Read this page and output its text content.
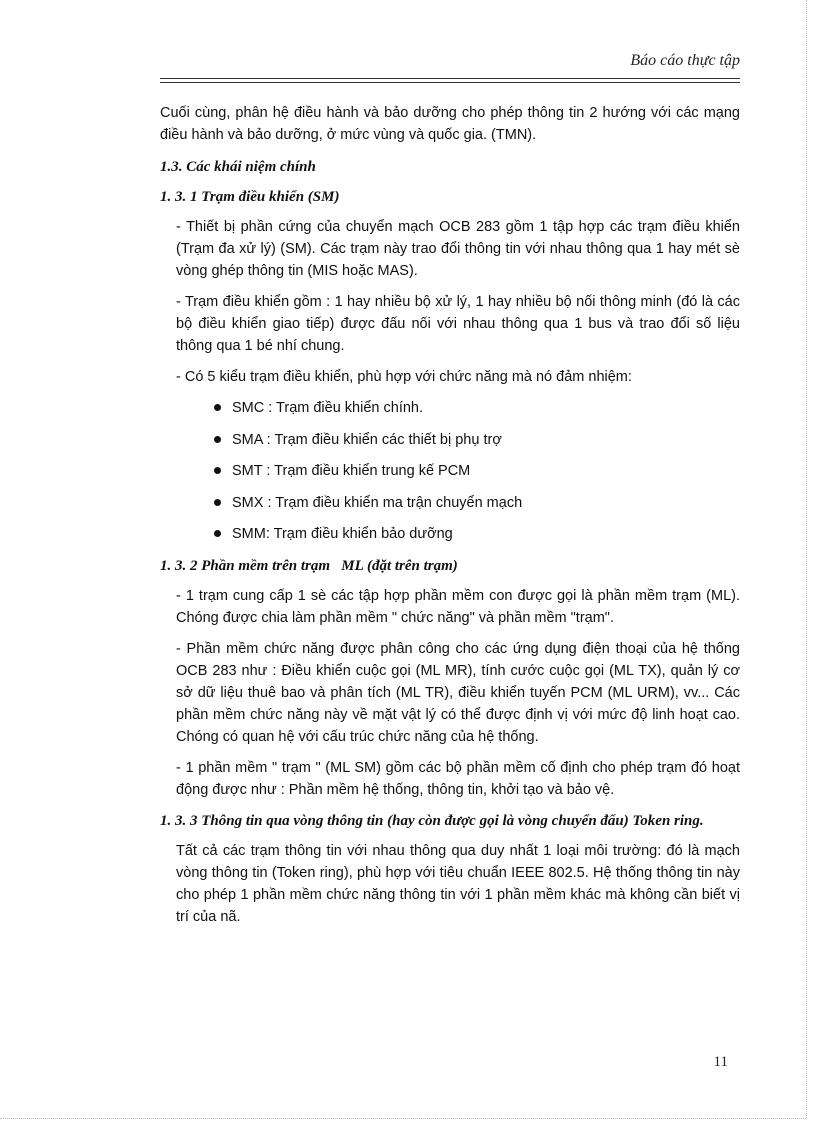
Báo cáo thực tập

Cuối cùng, phân hệ điều hành và bảo dưỡng cho phép thông tin 2 hướng với các mạng điều hành và bảo dưỡng, ở mức vùng và quốc gia. (TMN).

1.3. Các khái niệm chính
1. 3. 1 Trạm điều khiển (SM)

- Thiết bị phần cứng của chuyển mạch OCB 283 gồm 1 tập hợp các trạm điều khiển (Trạm đa xử lý) (SM). Các trạm này trao đổi thông tin với nhau thông qua 1 hay mét sè vòng ghép thông tin (MIS hoặc MAS).

- Trạm điều khiển gồm : 1 hay nhiều bộ xử lý, 1 hay nhiều bộ nối thông minh (đó là các bộ điều khiển giao tiếp) được đấu nối với nhau thông qua 1 bus và trao đổi số liệu thông qua 1 bé nhí chung.

- Có 5 kiểu trạm điều khiển, phù hợp với chức năng mà nó đảm nhiệm:

SMC : Trạm điều khiển chính.
SMA : Trạm điều khiển các thiết bị phụ trợ
SMT : Trạm điều khiển trung kế PCM
SMX : Trạm điều khiển ma trận chuyển mạch
SMM: Trạm điều khiển bảo dưỡng
1. 3. 2 Phần mềm trên trạm   ML (đặt trên trạm)

- 1 trạm cung cấp 1 sè các tập hợp phần mềm con được gọi là phần mềm trạm (ML). Chóng được chia làm phần mềm " chức năng" và phần mềm "trạm".

- Phần mềm chức năng được phân công cho các ứng dụng điện thoại của hệ thống OCB 283 như : Điều khiển cuộc gọi (ML MR), tính cước cuộc gọi (ML TX), quản lý cơ sở dữ liệu thuê bao và phân tích (ML TR), điều khiển tuyến PCM (ML URM), vv... Các phần mềm chức năng này về mặt vật lý có thể được định vị với mức độ linh hoạt cao. Chóng có quan hệ với cấu trúc chức năng của hệ thống.

- 1 phần mềm " trạm " (ML SM) gồm các bộ phần mềm cố định cho phép trạm đó hoạt động được như : Phần mềm hệ thống, thông tin, khởi tạo và bảo vệ.

1. 3. 3 Thông tin qua vòng thông tin (hay còn được gọi là vòng chuyển đấu) Token ring.

Tất cả các trạm thông tin với nhau thông qua duy nhất 1 loại môi trường: đó là mạch vòng thông tin (Token ring), phù hợp với tiêu chuẩn IEEE 802.5. Hệ thống thông tin này cho phép 1 phần mềm chức năng thông tin với 1 phần mềm khác mà không cần biết vị trí của nã.

11
